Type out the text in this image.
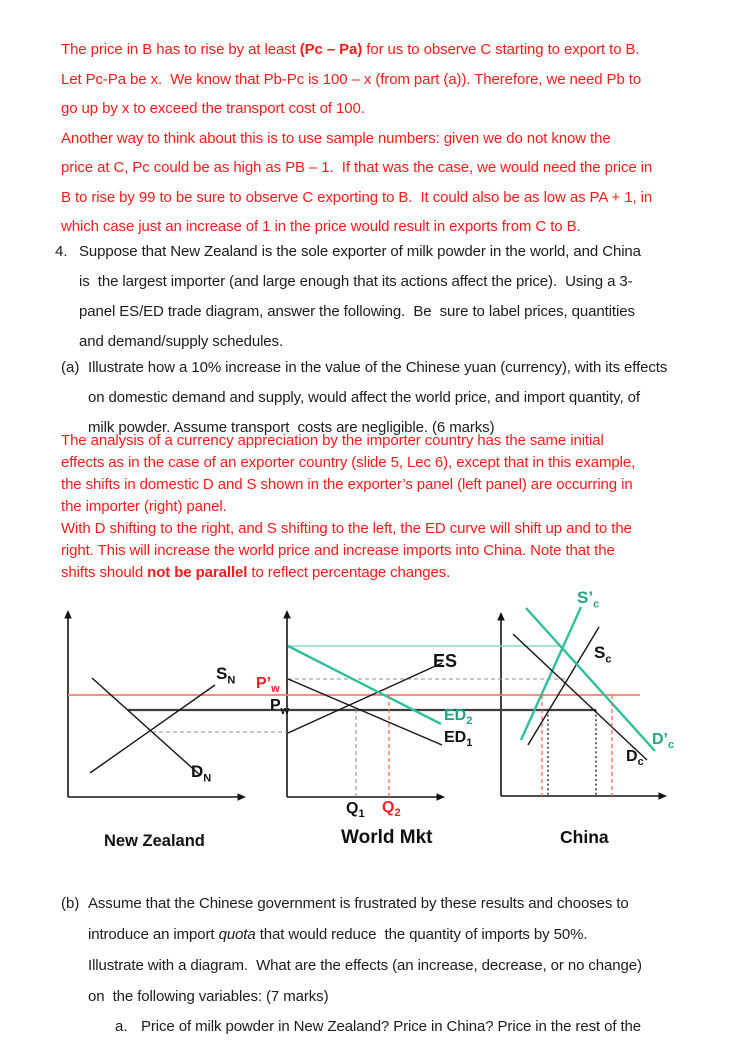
The price in B has to rise by at least (Pc – Pa) for us to observe C starting to export to B.
Let Pc-Pa be x.  We know that Pb-Pc is 100 – x (from part (a)). Therefore, we need Pb to
go up by x to exceed the transport cost of 100.
Another way to think about this is to use sample numbers: given we do not know the
price at C, Pc could be as high as PB – 1.  If that was the case, we would need the price in
B to rise by 99 to be sure to observe C exporting to B.  It could also be as low as PA + 1, in
which case just an increase of 1 in the price would result in exports from C to B.
4. Suppose that New Zealand is the sole exporter of milk powder in the world, and China
is  the largest importer (and large enough that its actions affect the price).  Using a 3-
panel ES/ED trade diagram, answer the following.  Be  sure to label prices, quantities
and demand/supply schedules.
(a) Illustrate how a 10% increase in the value of the Chinese yuan (currency), with its effects
on domestic demand and supply, would affect the world price, and import quantity, of
milk powder. Assume transport  costs are negligible. (6 marks)
The analysis of a currency appreciation by the importer country has the same initial
effects as in the case of an exporter country (slide 5, Lec 6), except that in this example,
the shifts in domestic D and S shown in the exporter’s panel (left panel) are occurring in
the importer (right) panel.
With D shifting to the right, and S shifting to the left, the ED curve will shift up and to the
right. This will increase the world price and increase imports into China. Note that the
shifts should not be parallel to reflect percentage changes.
(b) Assume that the Chinese government is frustrated by these results and chooses to
introduce an import quota that would reduce  the quantity of imports by 50%.
Illustrate with a diagram.  What are the effects (an increase, decrease, or no change)
on  the following variables: (7 marks)
a. Price of milk powder in New Zealand? Price in China? Price in the rest of the
$S_N$
$D_N$
$P’_w$
$P_w$
ES
$ED_2$
$ED_1$
$Q_1$ $Q_2$
$S’_c$
$S_c$
$D’_c$
$D_c$
New Zealand	World Mkt	China
